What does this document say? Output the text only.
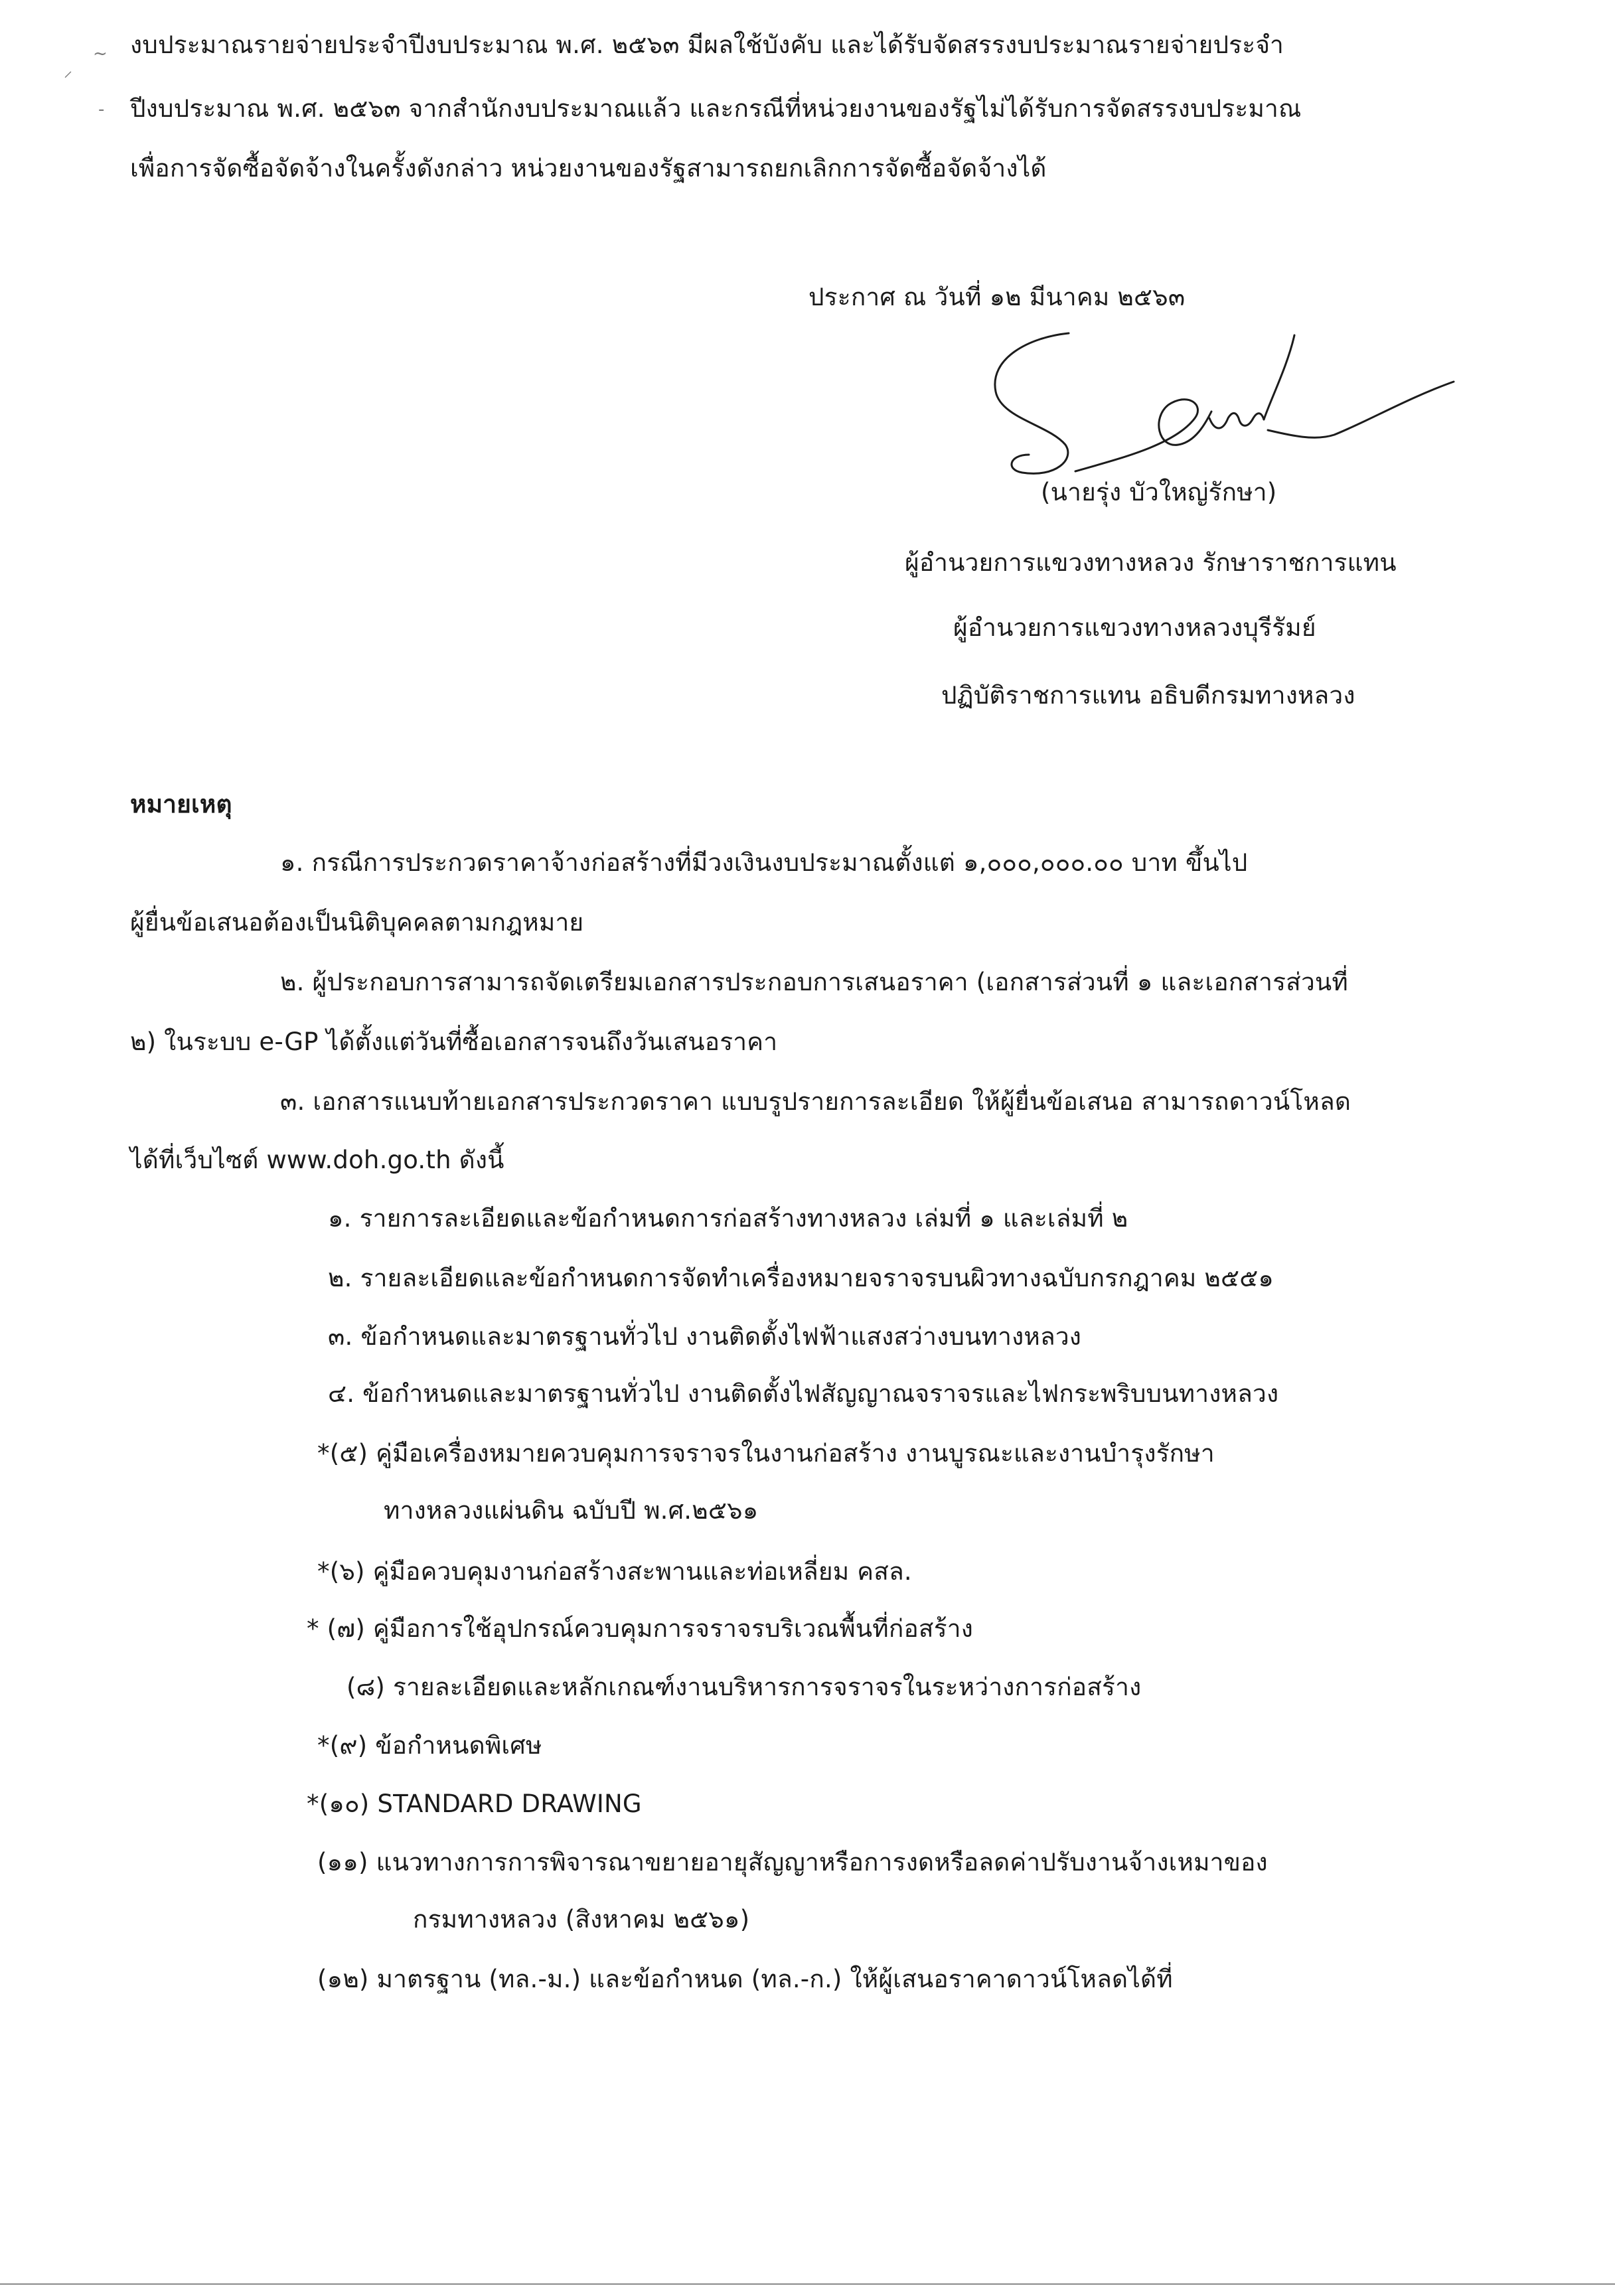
⸍
~
-
งบประมาณรายจ่ายประจำปีงบประมาณ พ.ศ. ๒๕๖๓ มีผลใช้บังคับ และได้รับจัดสรรงบประมาณรายจ่ายประจำ
ปีงบประมาณ พ.ศ. ๒๕๖๓ จากสำนักงบประมาณแล้ว และกรณีที่หน่วยงานของรัฐไม่ได้รับการจัดสรรงบประมาณ
เพื่อการจัดซื้อจัดจ้างในครั้งดังกล่าว หน่วยงานของรัฐสามารถยกเลิกการจัดซื้อจัดจ้างได้
ประกาศ ณ วันที่ ๑๒ มีนาคม ๒๕๖๓
(นายรุ่ง บัวใหญ่รักษา)
ผู้อำนวยการแขวงทางหลวง รักษาราชการแทน
ผู้อำนวยการแขวงทางหลวงบุรีรัมย์
ปฏิบัติราชการแทน อธิบดีกรมทางหลวง
หมายเหตุ
๑. กรณีการประกวดราคาจ้างก่อสร้างที่มีวงเงินงบประมาณตั้งแต่ ๑,๐๐๐,๐๐๐.๐๐ บาท ขึ้นไป
ผู้ยื่นข้อเสนอต้องเป็นนิติบุคคลตามกฎหมาย
๒. ผู้ประกอบการสามารถจัดเตรียมเอกสารประกอบการเสนอราคา (เอกสารส่วนที่ ๑ และเอกสารส่วนที่
๒) ในระบบ e-GP ได้ตั้งแต่วันที่ซื้อเอกสารจนถึงวันเสนอราคา
๓. เอกสารแนบท้ายเอกสารประกวดราคา แบบรูปรายการละเอียด ให้ผู้ยื่นข้อเสนอ สามารถดาวน์โหลด
ได้ที่เว็บไซต์ www.doh.go.th ดังนี้
๑. รายการละเอียดและข้อกำหนดการก่อสร้างทางหลวง เล่มที่ ๑ และเล่มที่ ๒
๒. รายละเอียดและข้อกำหนดการจัดทำเครื่องหมายจราจรบนผิวทางฉบับกรกฎาคม ๒๕๕๑
๓. ข้อกำหนดและมาตรฐานทั่วไป งานติดตั้งไฟฟ้าแสงสว่างบนทางหลวง
๔. ข้อกำหนดและมาตรฐานทั่วไป งานติดตั้งไฟสัญญาณจราจรและไฟกระพริบบนทางหลวง
*(๕) คู่มือเครื่องหมายควบคุมการจราจรในงานก่อสร้าง งานบูรณะและงานบำรุงรักษา
ทางหลวงแผ่นดิน ฉบับปี พ.ศ.๒๕๖๑
*(๖) คู่มือควบคุมงานก่อสร้างสะพานและท่อเหลี่ยม คสล.
* (๗) คู่มือการใช้อุปกรณ์ควบคุมการจราจรบริเวณพื้นที่ก่อสร้าง
(๘) รายละเอียดและหลักเกณฑ์งานบริหารการจราจรในระหว่างการก่อสร้าง
*(๙) ข้อกำหนดพิเศษ
*(๑๐) STANDARD DRAWING
(๑๑) แนวทางการการพิจารณาขยายอายุสัญญาหรือการงดหรือลดค่าปรับงานจ้างเหมาของ
กรมทางหลวง (สิงหาคม ๒๕๖๑)
(๑๒) มาตรฐาน (ทล.-ม.) และข้อกำหนด (ทล.-ก.) ให้ผู้เสนอราคาดาวน์โหลดได้ที่
